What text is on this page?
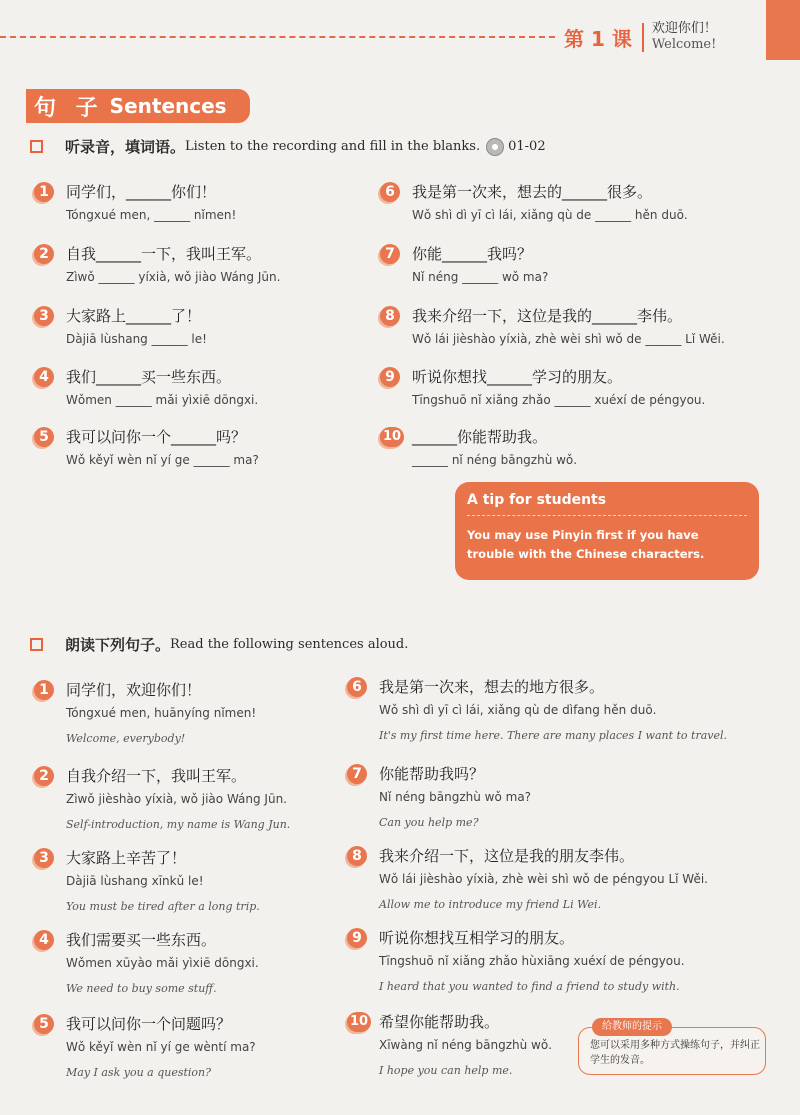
第 1 课	欢迎你们！
Welcome!
句 子 Sentences
听录音，填词语。 Listen to the recording and fill in the blanks. 01-02
1	同学们，______你们！
Tóngxué men, ______ nǐmen!
2	自我______一下，我叫王军。
Zìwǒ ______ yíxià, wǒ jiào Wáng Jūn.
3	大家路上______了！
Dàjiā lùshang ______ le!
4	我们______买一些东西。
Wǒmen ______ mǎi yìxiē dōngxi.
5	我可以问你一个______吗？
Wǒ kěyǐ wèn nǐ yí ge ______ ma?
6	我是第一次来，想去的______很多。
Wǒ shì dì yī cì lái, xiǎng qù de ______ hěn duō.
7	你能______我吗？
Nǐ néng ______ wǒ ma?
8	我来介绍一下，这位是我的______李伟。
Wǒ lái jièshào yíxià, zhè wèi shì wǒ de ______ Lǐ Wěi.
9	听说你想找______学习的朋友。
Tīngshuō nǐ xiǎng zhǎo ______ xuéxí de péngyou.
10 ______你能帮助我。
______ nǐ néng bāngzhù wǒ.
A tip for students
You may use Pinyin first if you have trouble with the Chinese characters.
朗读下列句子。 Read the following sentences aloud.
1	同学们，欢迎你们！
Tóngxué men, huānyíng nǐmen!
Welcome, everybody!
2	自我介绍一下，我叫王军。
Zìwǒ jièshào yíxià, wǒ jiào Wáng Jūn.
Self-introduction, my name is Wang Jun.
3	大家路上辛苦了！
Dàjiā lùshang xīnkǔ le!
You must be tired after a long trip.
4	我们需要买一些东西。
Wǒmen xūyào mǎi yìxiē dōngxi.
We need to buy some stuff.
5	我可以问你一个问题吗？
Wǒ kěyǐ wèn nǐ yí ge wèntí ma?
May I ask you a question?
6	我是第一次来，想去的地方很多。
Wǒ shì dì yī cì lái, xiǎng qù de dìfang hěn duō.
It's my first time here. There are many places I want to travel.
7	你能帮助我吗？
Nǐ néng bāngzhù wǒ ma?
Can you help me?
8	我来介绍一下，这位是我的朋友李伟。
Wǒ lái jièshào yíxià, zhè wèi shì wǒ de péngyou Lǐ Wěi.
Allow me to introduce my friend Li Wei.
9	听说你想找互相学习的朋友。
Tīngshuō nǐ xiǎng zhǎo hùxiāng xuéxí de péngyou.
I heard that you wanted to find a friend to study with.
10 希望你能帮助我。
Xīwàng nǐ néng bāngzhù wǒ.
I hope you can help me.
给教师的提示
您可以采用多种方式操练句子，并纠正学生的发音。
